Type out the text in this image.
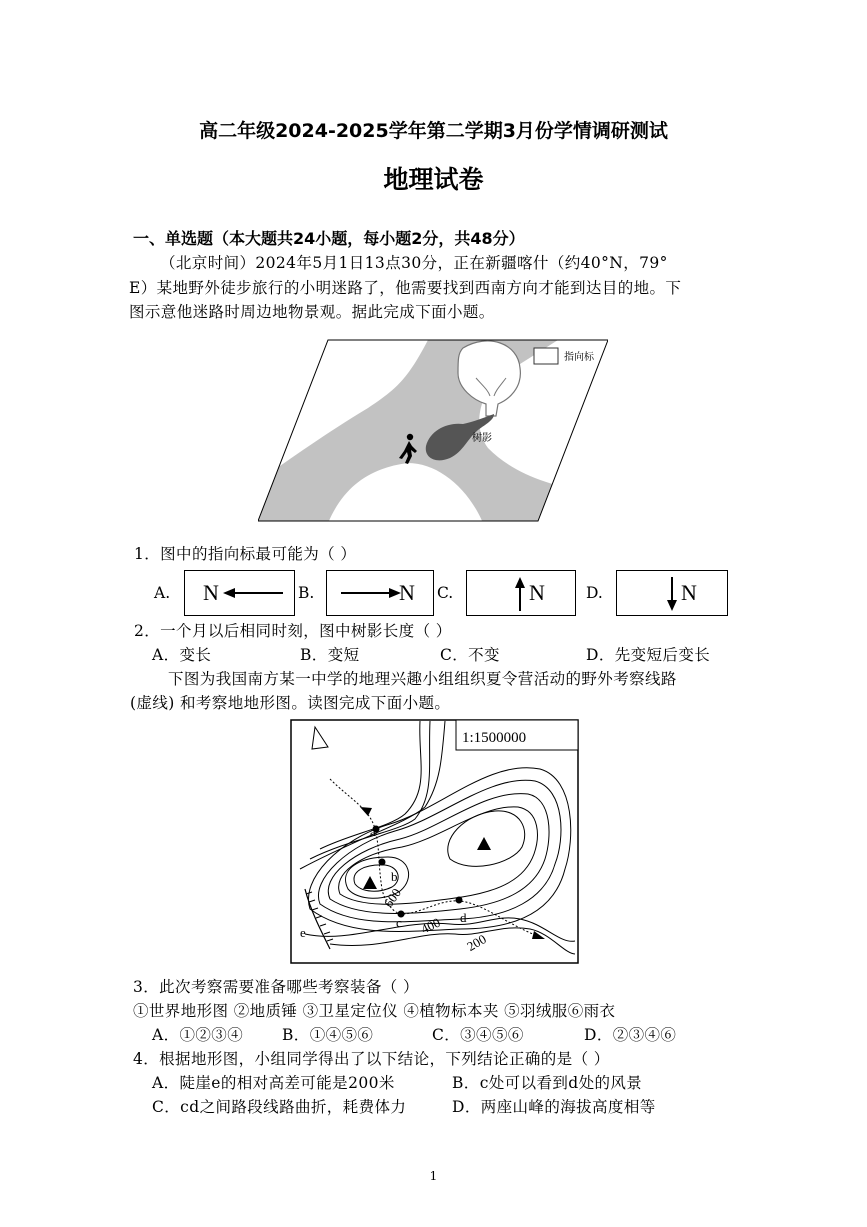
高二年级2024-2025学年第二学期3月份学情调研测试
地理试卷
一、单选题（本大题共24小题，每小题2分，共48分）
（北京时间）2024年5月1日13点30分，正在新疆喀什（约40°N，79°
E）某地野外徒步旅行的小明迷路了，他需要找到西南方向才能到达目的地。下
图示意他迷路时周边地物景观。据此完成下面小题。
指向标
树影
1．图中的指向标最可能为（ ）
A. N	B.	N C.	N	D.	N
2．一个月以后相同时刻，图中树影长度（ ）
A．变长	B．变短	C．不变	D．先变短后变长
下图为我国南方某一中学的地理兴趣小组组织夏令营活动的野外考察线路
(虚线) 和考察地地形图。读图完成下面小题。
1:1500000
a
b
c	d
e
600
400
200
3．此次考察需要准备哪些考察装备（ ）
①世界地形图 ②地质锤 ③卫星定位仪 ④植物标本夹 ⑤羽绒服⑥雨衣
A．①②③④	B．①④⑤⑥	C．③④⑤⑥	D．②③④⑥
4．根据地形图，小组同学得出了以下结论，下列结论正确的是（ ）
A．陡崖e的相对高差可能是200米	B．c处可以看到d处的风景
C．cd之间路段线路曲折，耗费体力	D．两座山峰的海拔高度相等
1
